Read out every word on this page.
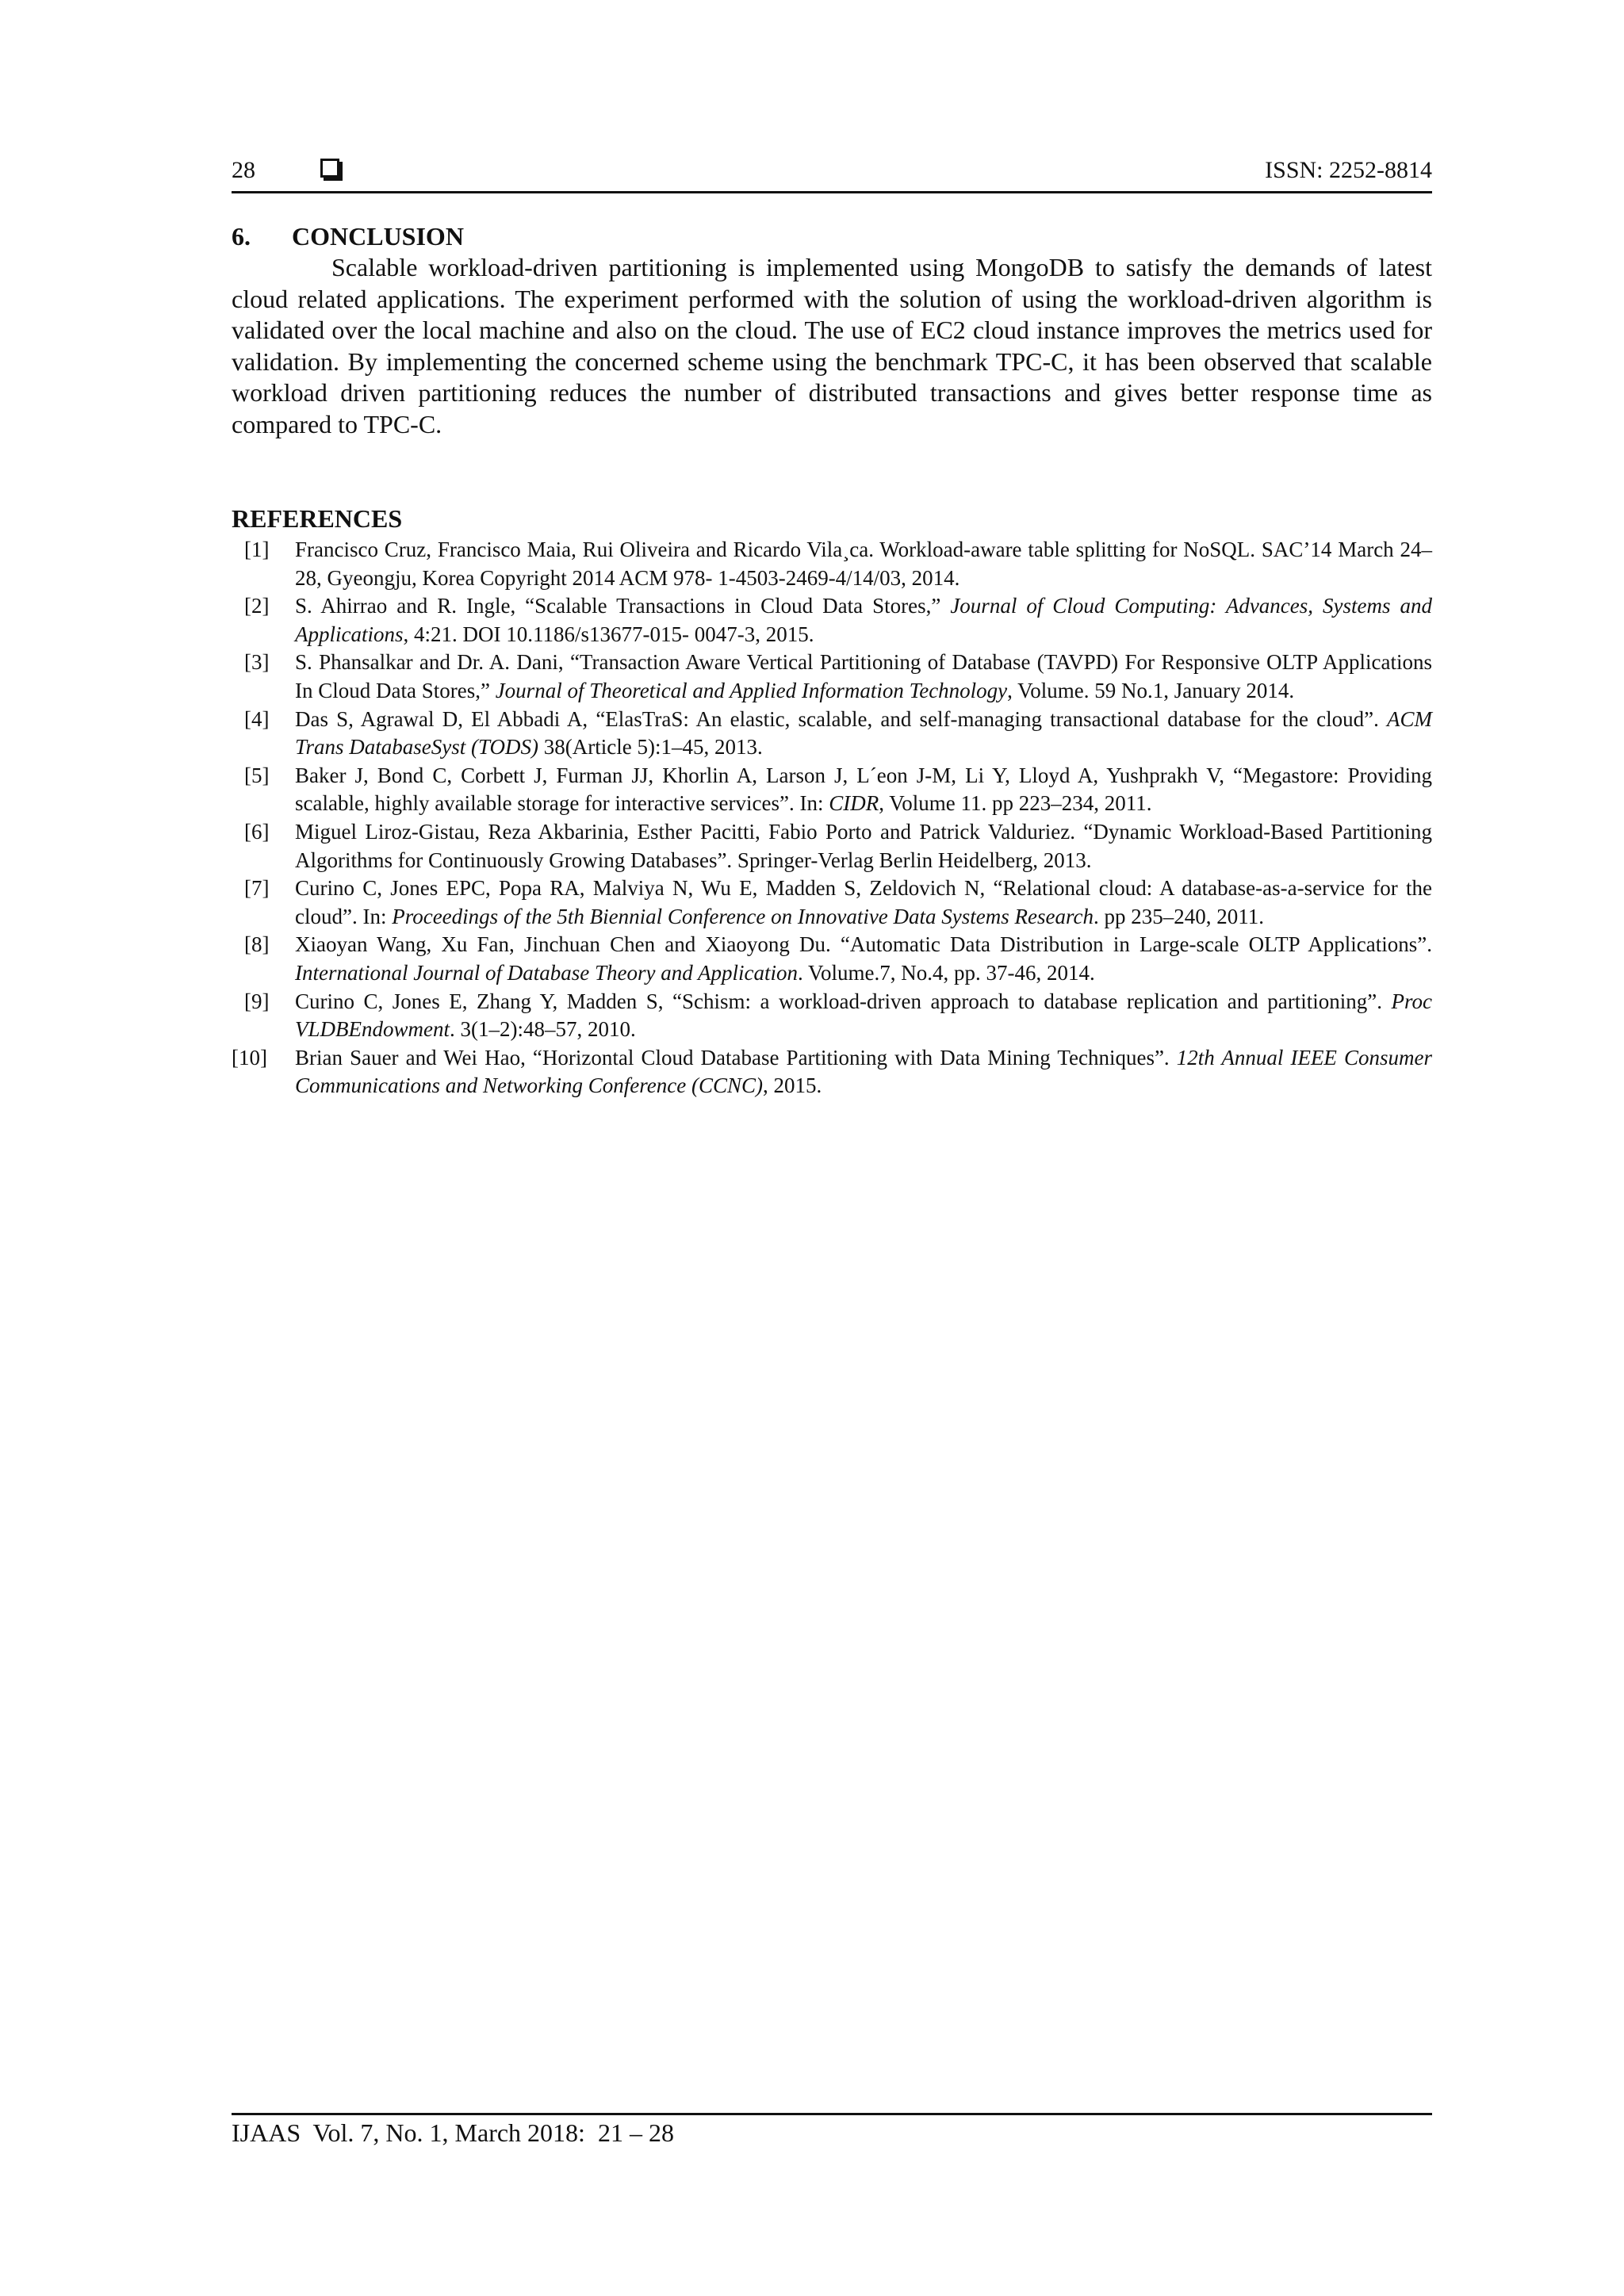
28	ISSN: 2252-8814
6. CONCLUSION

Scalable workload-driven partitioning is implemented using MongoDB to satisfy the demands of latest cloud related applications. The experiment performed with the solution of using the workload-driven algorithm is validated over the local machine and also on the cloud. The use of EC2 cloud instance improves the metrics used for validation. By implementing the concerned scheme using the benchmark TPC-C, it has been observed that scalable workload driven partitioning reduces the number of distributed transactions and gives better response time as compared to TPC-C.

REFERENCES
[1] Francisco Cruz, Francisco Maia, Rui Oliveira and Ricardo Vila¸ca. Workload-aware table splitting for NoSQL. SAC’14 March 24–28, Gyeongju, Korea Copyright 2014 ACM 978- 1-4503-2469-4/14/03, 2014.
[2] S. Ahirrao and R. Ingle, “Scalable Transactions in Cloud Data Stores,” Journal of Cloud Computing: Advances, Systems and Applications, 4:21. DOI 10.1186/s13677-015- 0047-3, 2015.
[3] S. Phansalkar and Dr. A. Dani, “Transaction Aware Vertical Partitioning of Database (TAVPD) For Responsive OLTP Applications In Cloud Data Stores,” Journal of Theoretical and Applied Information Technology, Volume. 59 No.1, January 2014.
[4] Das S, Agrawal D, El Abbadi A, “ElasTraS: An elastic, scalable, and self-managing transactional database for the cloud”. ACM Trans DatabaseSyst (TODS) 38(Article 5):1–45, 2013.
[5] Baker J, Bond C, Corbett J, Furman JJ, Khorlin A, Larson J, L´eon J-M, Li Y, Lloyd A, Yushprakh V, “Megastore: Providing scalable, highly available storage for interactive services”. In: CIDR, Volume 11. pp 223–234, 2011.
[6] Miguel Liroz-Gistau, Reza Akbarinia, Esther Pacitti, Fabio Porto and Patrick Valduriez. “Dynamic Workload-Based Partitioning Algorithms for Continuously Growing Databases”. Springer-Verlag Berlin Heidelberg, 2013.
[7] Curino C, Jones EPC, Popa RA, Malviya N, Wu E, Madden S, Zeldovich N, “Relational cloud: A database-as-a-service for the cloud”. In: Proceedings of the 5th Biennial Conference on Innovative Data Systems Research. pp 235–240, 2011.
[8] Xiaoyan Wang, Xu Fan, Jinchuan Chen and Xiaoyong Du. “Automatic Data Distribution in Large-scale OLTP Applications”. International Journal of Database Theory and Application. Volume.7, No.4, pp. 37-46, 2014.
[9] Curino C, Jones E, Zhang Y, Madden S, “Schism: a workload-driven approach to database replication and partitioning”. Proc VLDBEndowment. 3(1–2):48–57, 2010.
[10] Brian Sauer and Wei Hao, “Horizontal Cloud Database Partitioning with Data Mining Techniques”. 12th Annual IEEE Consumer Communications and Networking Conference (CCNC), 2015.
IJAAS  Vol. 7, No. 1, March 2018:  21 – 28
